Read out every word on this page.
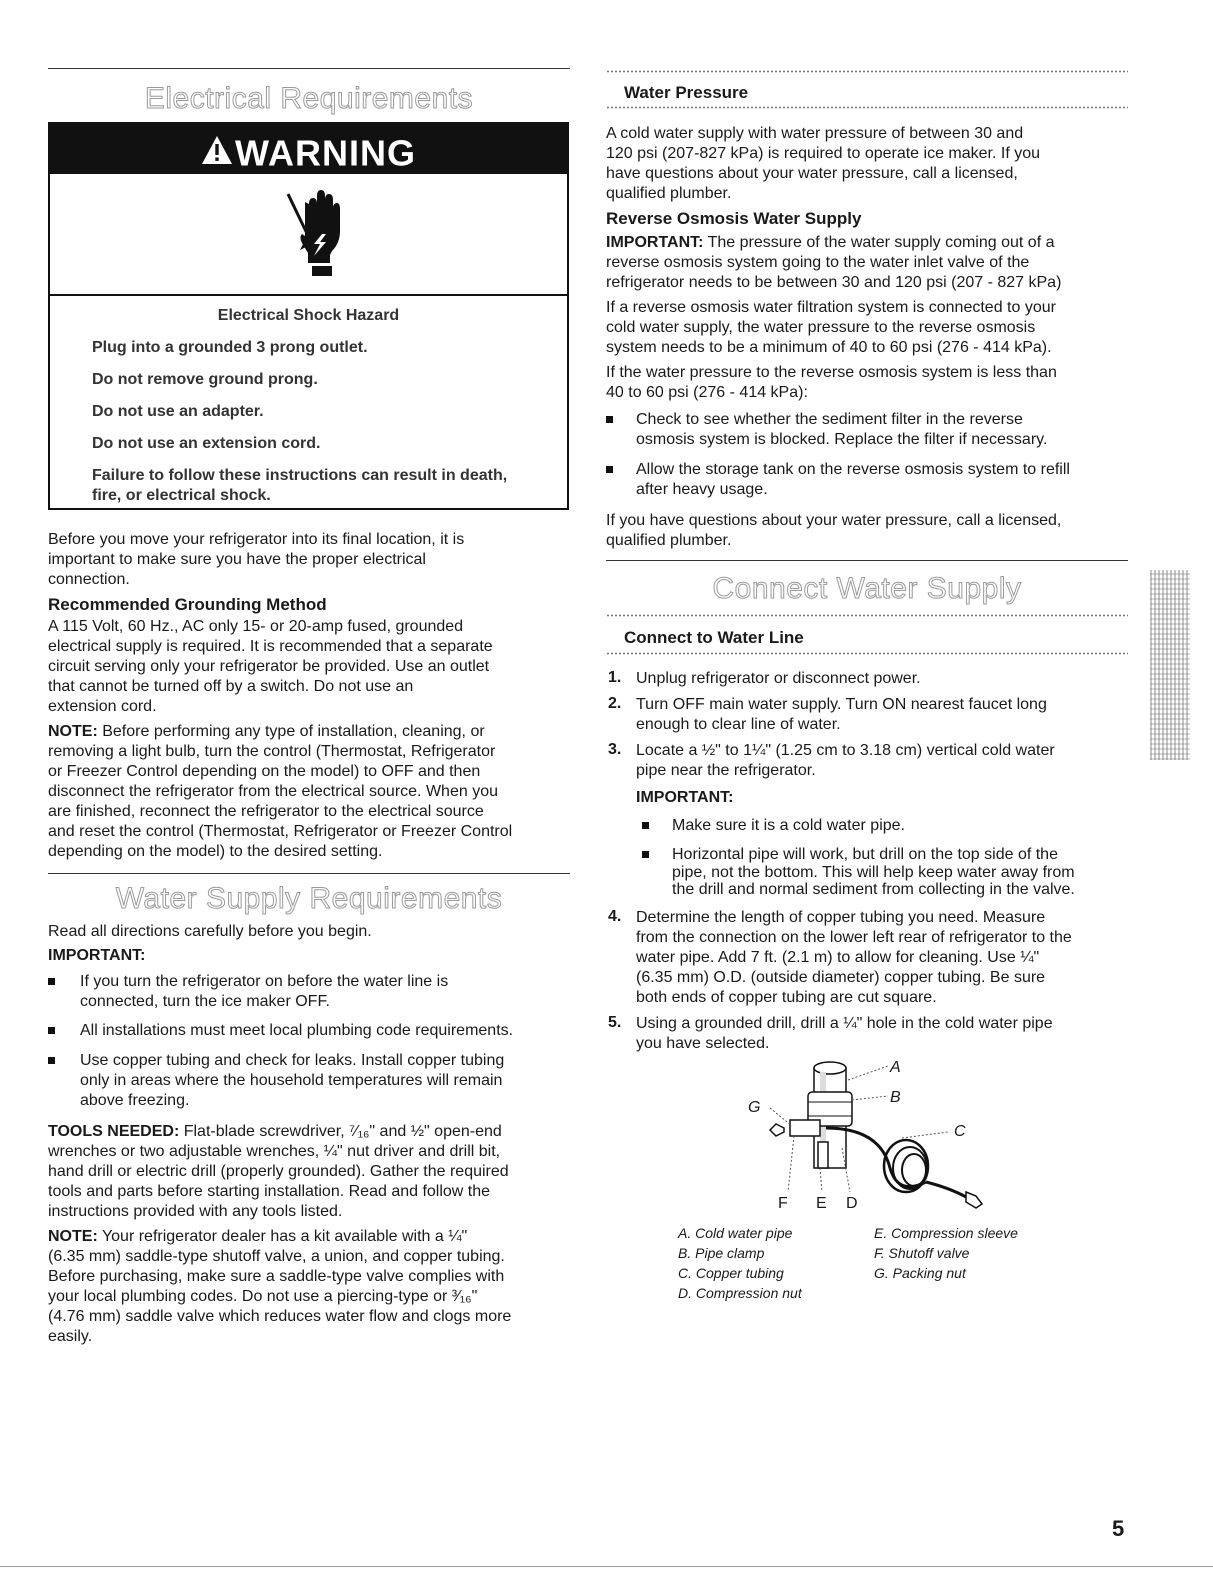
Electrical Requirements
WARNING
Electrical Shock Hazard
Plug into a grounded 3 prong outlet.
Do not remove ground prong.
Do not use an adapter.
Do not use an extension cord.
Failure to follow these instructions can result in death,
fire, or electrical shock.

Before you move your refrigerator into its final location, it is

important to make sure you have the proper electrical

connection.

Recommended Grounding Method

A 115 Volt, 60 Hz., AC only 15- or 20-amp fused, grounded

electrical supply is required. It is recommended that a separate

circuit serving only your refrigerator be provided. Use an outlet

that cannot be turned off by a switch. Do not use an

extension cord.

NOTE: Before performing any type of installation, cleaning, or

removing a light bulb, turn the control (Thermostat, Refrigerator

or Freezer Control depending on the model) to OFF and then

disconnect the refrigerator from the electrical source. When you

are finished, reconnect the refrigerator to the electrical source

and reset the control (Thermostat, Refrigerator or Freezer Control

depending on the model) to the desired setting.

Water Supply Requirements

Read all directions carefully before you begin.

IMPORTANT:

If you turn the refrigerator on before the water line is

connected, turn the ice maker OFF.

All installations must meet local plumbing code requirements.

Use copper tubing and check for leaks. Install copper tubing

only in areas where the household temperatures will remain

above freezing.

TOOLS NEEDED: Flat-blade screwdriver, ⁷⁄₁₆" and ½" open-end

wrenches or two adjustable wrenches, ¼" nut driver and drill bit,

hand drill or electric drill (properly grounded). Gather the required

tools and parts before starting installation. Read and follow the

instructions provided with any tools listed.

NOTE: Your refrigerator dealer has a kit available with a ¼"

(6.35 mm) saddle-type shutoff valve, a union, and copper tubing.

Before purchasing, make sure a saddle-type valve complies with

your local plumbing codes. Do not use a piercing-type or ³⁄₁₆"

(4.76 mm) saddle valve which reduces water flow and clogs more

easily.

Water Pressure

A cold water supply with water pressure of between 30 and

120 psi (207-827 kPa) is required to operate ice maker. If you

have questions about your water pressure, call a licensed,

qualified plumber.

Reverse Osmosis Water Supply

IMPORTANT: The pressure of the water supply coming out of a

reverse osmosis system going to the water inlet valve of the

refrigerator needs to be between 30 and 120 psi (207 - 827 kPa)

If a reverse osmosis water filtration system is connected to your

cold water supply, the water pressure to the reverse osmosis

system needs to be a minimum of 40 to 60 psi (276 - 414 kPa).

If the water pressure to the reverse osmosis system is less than

40 to 60 psi (276 - 414 kPa):

Check to see whether the sediment filter in the reverse

osmosis system is blocked. Replace the filter if necessary.

Allow the storage tank on the reverse osmosis system to refill

after heavy usage.

If you have questions about your water pressure, call a licensed,

qualified plumber.

Connect Water Supply

Connect to Water Line

1. Unplug refrigerator or disconnect power.

2. Turn OFF main water supply. Turn ON nearest faucet long

enough to clear line of water.

3. Locate a ½" to 1¼" (1.25 cm to 3.18 cm) vertical cold water

pipe near the refrigerator.

IMPORTANT:

Make sure it is a cold water pipe.

Horizontal pipe will work, but drill on the top side of the

pipe, not the bottom. This will help keep water away from

the drill and normal sediment from collecting in the valve.

4. Determine the length of copper tubing you need. Measure

from the connection on the lower left rear of refrigerator to the

water pipe. Add 7 ft. (2.1 m) to allow for cleaning. Use ¼"

(6.35 mm) O.D. (outside diameter) copper tubing. Be sure

both ends of copper tubing are cut square.

5. Using a grounded drill, drill a ¼" hole in the cold water pipe

you have selected.

A
B
C
G
F E D
A. Cold water pipe
B. Pipe clamp
C. Copper tubing
D. Compression nut
E. Compression sleeve
F. Shutoff valve
G. Packing nut
5
